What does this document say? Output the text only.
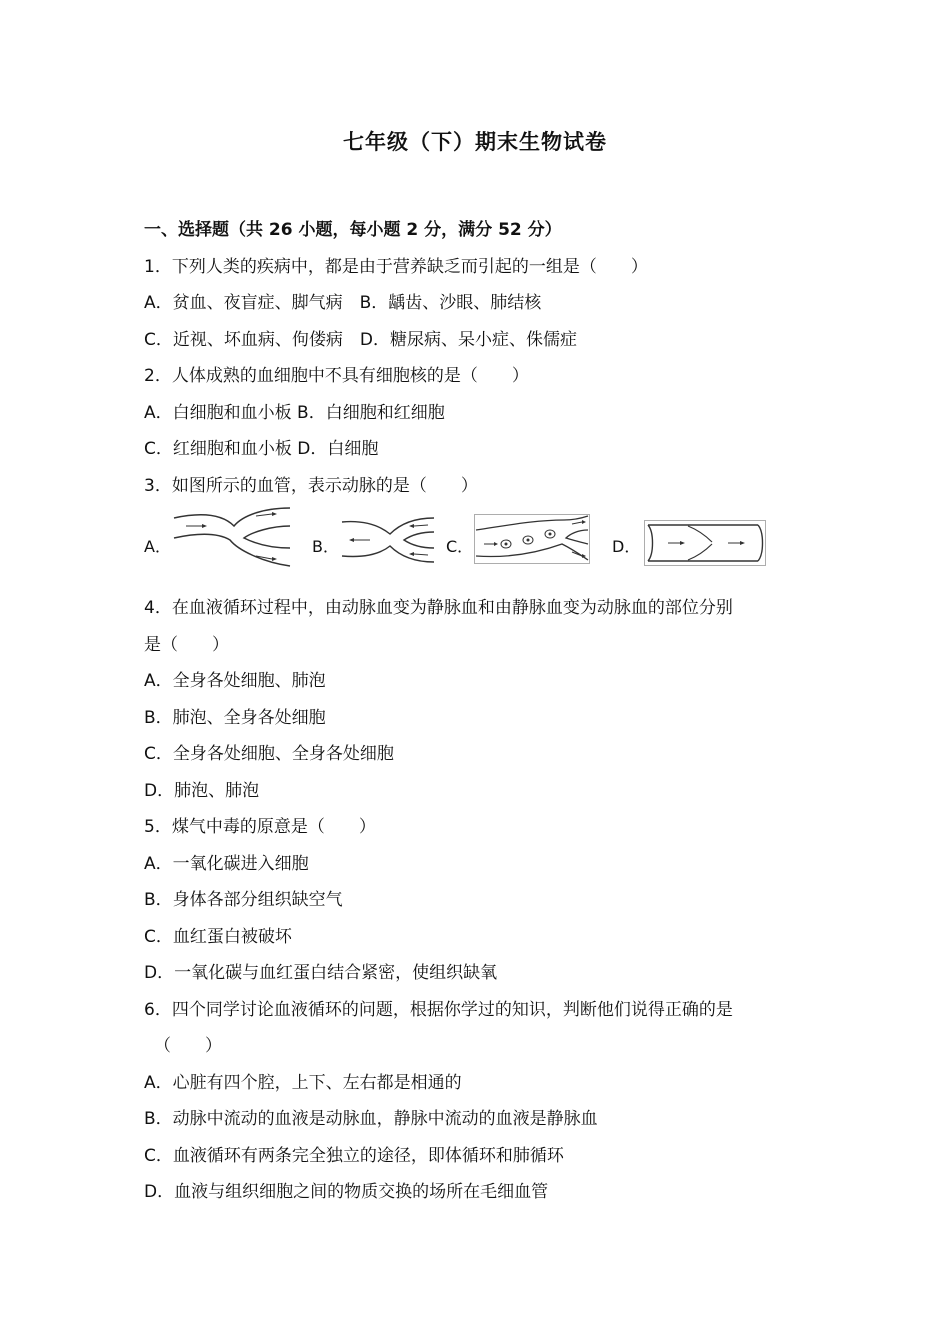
七年级（下）期末生物试卷
一、选择题（共 26 小题，每小题 2 分，满分 52 分）
1．下列人类的疾病中，都是由于营养缺乏而引起的一组是（　　）
A．贫血、夜盲症、脚气病　B．龋齿、沙眼、肺结核
C．近视、坏血病、佝偻病　D．糖尿病、呆小症、侏儒症
2．人体成熟的血细胞中不具有细胞核的是（　　）
A．白细胞和血小板 B．白细胞和红细胞
C．红细胞和血小板 D．白细胞
3．如图所示的血管，表示动脉的是（　　）
A．	B．	C．	D．
4．在血液循环过程中，由动脉血变为静脉血和由静脉血变为动脉血的部位分别
是（　　）
A．全身各处细胞、肺泡
B．肺泡、全身各处细胞
C．全身各处细胞、全身各处细胞
D．肺泡、肺泡
5．煤气中毒的原意是（　　）
A．一氧化碳进入细胞
B．身体各部分组织缺空气
C．血红蛋白被破坏
D．一氧化碳与血红蛋白结合紧密，使组织缺氧
6．四个同学讨论血液循环的问题，根据你学过的知识，判断他们说得正确的是
（　　）
A．心脏有四个腔，上下、左右都是相通的
B．动脉中流动的血液是动脉血，静脉中流动的血液是静脉血
C．血液循环有两条完全独立的途径，即体循环和肺循环
D．血液与组织细胞之间的物质交换的场所在毛细血管
